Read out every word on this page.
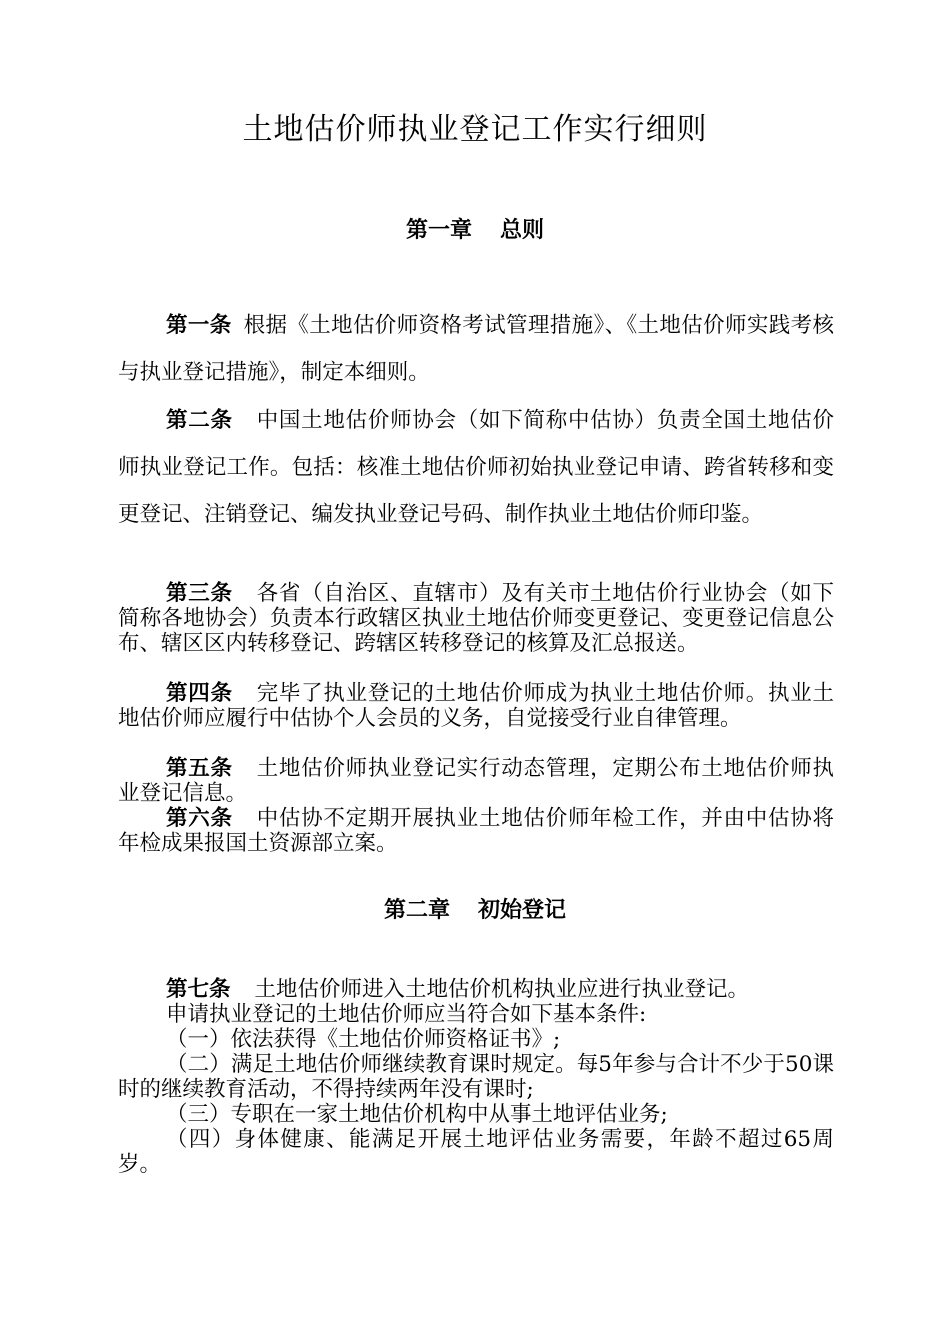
土地估价师执业登记工作实行细则
第一章 总则
第一条 根据《土地估价师资格考试管理措施》、《土地估价师实践考核与执业登记措施》，制定本细则。
第二条 中国土地估价师协会（如下简称中估协）负责全国土地估价师执业登记工作。包括：核准土地估价师初始执业登记申请、跨省转移和变更登记、注销登记、编发执业登记号码、制作执业土地估价师印鉴。
第三条 各省（自治区、直辖市）及有关市土地估价行业协会（如下简称各地协会）负责本行政辖区执业土地估价师变更登记、变更登记信息公布、辖区区内转移登记、跨辖区转移登记的核算及汇总报送。
第四条 完毕了执业登记的土地估价师成为执业土地估价师。执业土地估价师应履行中估协个人会员的义务，自觉接受行业自律管理。
第五条 土地估价师执业登记实行动态管理，定期公布土地估价师执业登记信息。
第六条 中估协不定期开展执业土地估价师年检工作，并由中估协将年检成果报国土资源部立案。
第二章 初始登记
第七条 土地估价师进入土地估价机构执业应进行执业登记。
申请执业登记的土地估价师应当符合如下基本条件:
（一）依法获得《土地估价师资格证书》;
（二）满足土地估价师继续教育课时规定。每5年参与合计不少于50课时的继续教育活动，不得持续两年没有课时;
（三）专职在一家土地估价机构中从事土地评估业务;
（四）身体健康、能满足开展土地评估业务需要，年龄不超过65周岁。
